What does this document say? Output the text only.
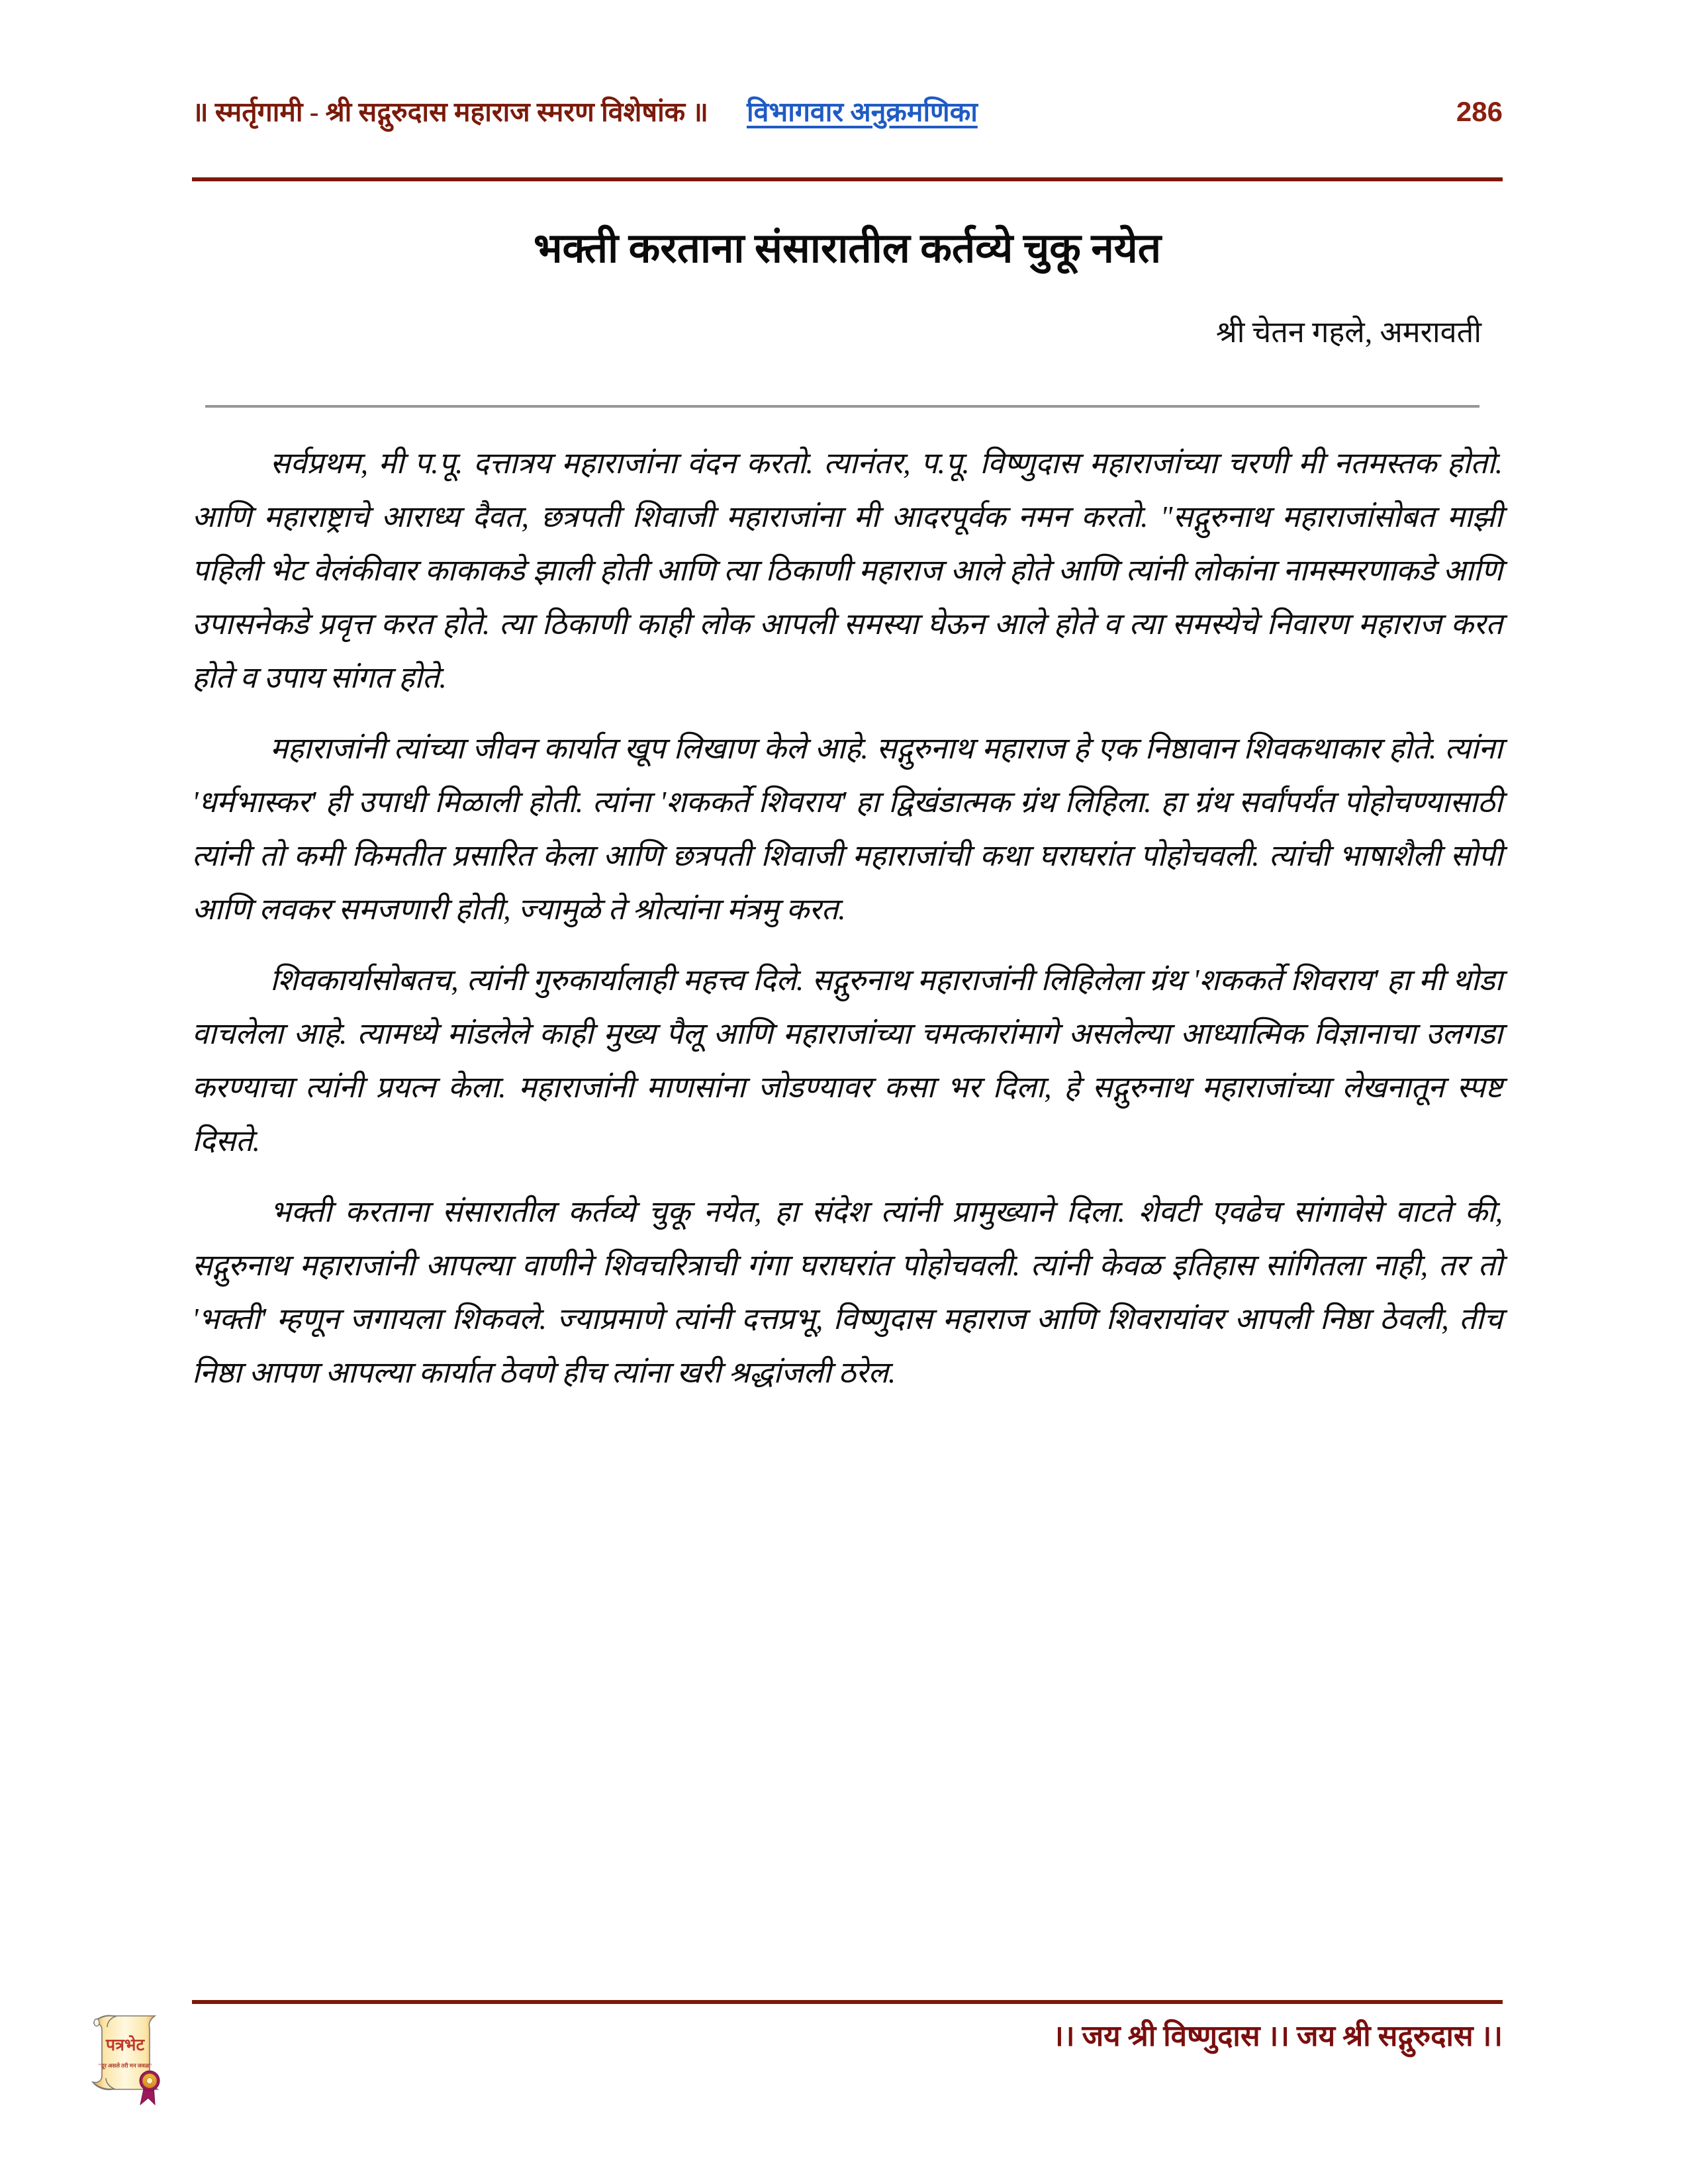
॥ स्मर्तृगामी - श्री सद्गुरुदास महाराज स्मरण विशेषांक ॥ विभागवार अनुक्रमणिका	286
भक्ती करताना संसारातील कर्तव्ये चुकू नयेत
श्री चेतन गहले, अमरावती

सर्वप्रथम, मी प.पू. दत्तात्रय महाराजांना वंदन करतो. त्यानंतर, प.पू. विष्णुदास महाराजांच्या चरणी मी नतमस्तक होतो. आणि महाराष्ट्राचे आराध्य दैवत, छत्रपती शिवाजी महाराजांना मी आदरपूर्वक नमन करतो. "सद्गुरुनाथ महाराजांसोबत माझी पहिली भेट वेलंकीवार काकाकडे झाली होती आणि त्या ठिकाणी महाराज आले होते आणि त्यांनी लोकांना नामस्मरणाकडे आणि उपासनेकडे प्रवृत्त करत होते. त्या ठिकाणी काही लोक आपली समस्या घेऊन आले होते व त्या समस्येचे निवारण महाराज करत होते व उपाय सांगत होते.

महाराजांनी त्यांच्या जीवन कार्यात खूप लिखाण केले आहे. सद्गुरुनाथ महाराज हे एक निष्ठावान शिवकथाकार होते. त्यांना 'धर्मभास्कर' ही उपाधी मिळाली होती. त्यांना 'शककर्ते शिवराय' हा द्विखंडात्मक ग्रंथ लिहिला. हा ग्रंथ सर्वांपर्यंत पोहोचण्यासाठी त्यांनी तो कमी किमतीत प्रसारित केला आणि छत्रपती शिवाजी महाराजांची कथा घराघरांत पोहोचवली. त्यांची भाषाशैली सोपी आणि लवकर समजणारी होती, ज्यामुळे ते श्रोत्यांना मंत्रमु करत.

शिवकार्यासोबतच, त्यांनी गुरुकार्यालाही महत्त्व दिले. सद्गुरुनाथ महाराजांनी लिहिलेला ग्रंथ 'शककर्ते शिवराय' हा मी थोडा वाचलेला आहे. त्यामध्ये मांडलेले काही मुख्य पैलू आणि महाराजांच्या चमत्कारांमागे असलेल्या आध्यात्मिक विज्ञानाचा उलगडा करण्याचा त्यांनी प्रयत्न केला. महाराजांनी माणसांना जोडण्यावर कसा भर दिला, हे सद्गुरुनाथ महाराजांच्या लेखनातून स्पष्ट दिसते.

भक्ती करताना संसारातील कर्तव्ये चुकू नयेत, हा संदेश त्यांनी प्रामुख्याने दिला. शेवटी एवढेच सांगावेसे वाटते की, सद्गुरुनाथ महाराजांनी आपल्या वाणीने शिवचरित्राची गंगा घराघरांत पोहोचवली. त्यांनी केवळ इतिहास सांगितला नाही, तर तो 'भक्ती' म्हणून जगायला शिकवले. ज्याप्रमाणे त्यांनी दत्तप्रभू, विष्णुदास महाराज आणि शिवरायांवर आपली निष्ठा ठेवली, तीच निष्ठा आपण आपल्या कार्यात ठेवणे हीच त्यांना खरी श्रद्धांजली ठरेल.

।। जय श्री विष्णुदास ।। जय श्री सद्गुरुदास ।।
पत्रभेट
"दूर असले तरी मन जवळ"
